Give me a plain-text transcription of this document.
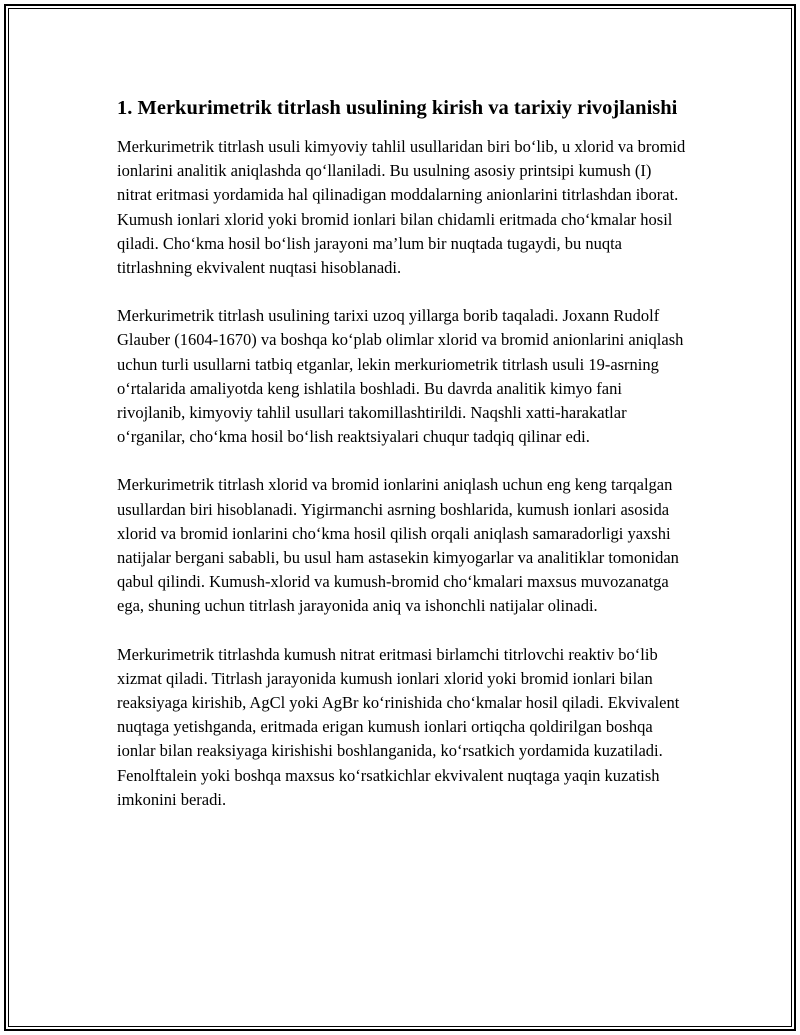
1. Merkurimetrik titrlash usulining kirish va tarixiy rivojlanishi

Merkurimetrik titrlash usuli kimyoviy tahlil usullaridan biri bo‘lib, u xlorid va bromid ionlarini analitik aniqlashda qo‘llaniladi. Bu usulning asosiy printsipi kumush (I) nitrat eritmasi yordamida hal qilinadigan moddalarning anionlarini titrlashdan iborat. Kumush ionlari xlorid yoki bromid ionlari bilan chidamli eritmada cho‘kmalar hosil qiladi. Cho‘kma hosil bo‘lish jarayoni ma’lum bir nuqtada tugaydi, bu nuqta titrlashning ekvivalent nuqtasi hisoblanadi.

Merkurimetrik titrlash usulining tarixi uzoq yillarga borib taqaladi. Joxann Rudolf Glauber (1604-1670) va boshqa ko‘plab olimlar xlorid va bromid anionlarini aniqlash uchun turli usullarni tatbiq etganlar, lekin merkuriometrik titrlash usuli 19-asrning o‘rtalarida amaliyotda keng ishlatila boshladi. Bu davrda analitik kimyo fani rivojlanib, kimyoviy tahlil usullari takomillashtirildi. Naqshli xatti-harakatlar o‘rganilar, cho‘kma hosil bo‘lish reaktsiyalari chuqur tadqiq qilinar edi.

Merkurimetrik titrlash xlorid va bromid ionlarini aniqlash uchun eng keng tarqalgan usullardan biri hisoblanadi. Yigirmanchi asrning boshlarida, kumush ionlari asosida xlorid va bromid ionlarini cho‘kma hosil qilish orqali aniqlash samaradorligi yaxshi natijalar bergani sababli, bu usul ham astasekin kimyogarlar va analitiklar tomonidan qabul qilindi. Kumush-xlorid va kumush-bromid cho‘kmalari maxsus muvozanatga ega, shuning uchun titrlash jarayonida aniq va ishonchli natijalar olinadi.

Merkurimetrik titrlashda kumush nitrat eritmasi birlamchi titrlovchi reaktiv bo‘lib xizmat qiladi. Titrlash jarayonida kumush ionlari xlorid yoki bromid ionlari bilan reaksiyaga kirishib, AgCl yoki AgBr ko‘rinishida cho‘kmalar hosil qiladi. Ekvivalent nuqtaga yetishganda, eritmada erigan kumush ionlari ortiqcha qoldirilgan boshqa ionlar bilan reaksiyaga kirishishi boshlanganida, ko‘rsatkich yordamida kuzatiladi. Fenolftalein yoki boshqa maxsus ko‘rsatkichlar ekvivalent nuqtaga yaqin kuzatish imkonini beradi.
